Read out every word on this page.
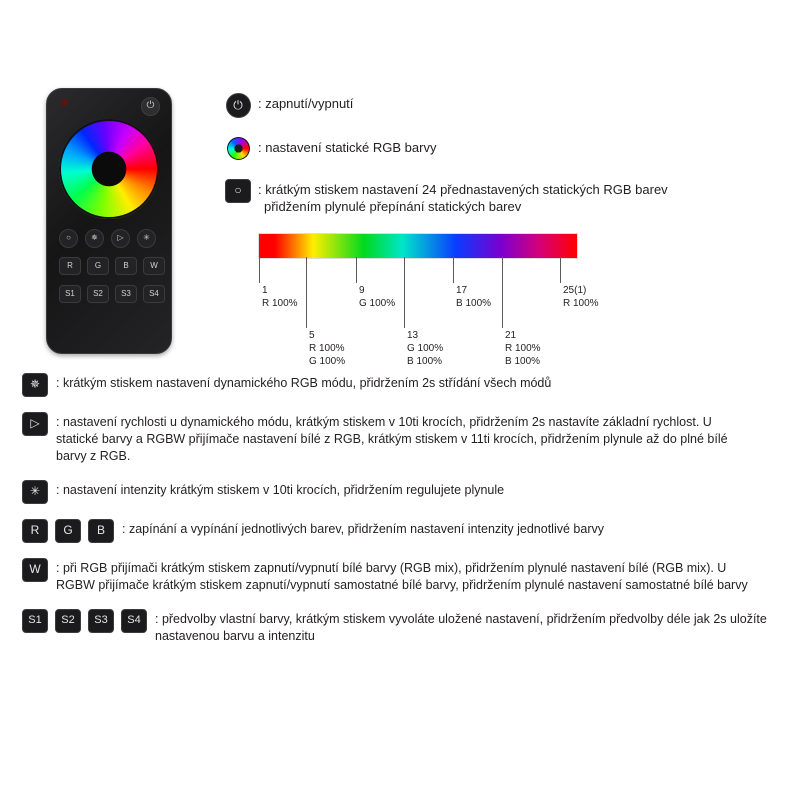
⏻
○	✵	▷	✳
R	G	B	W
S1	S2	S3	S4
⏻	: zapnutí/vypnutí
: nastavení statické RGB barvy
○	: krátkým stiskem nastavení 24 přednastavených statických RGB barev
přidžením plynulé přepínání statických barev
1
R 100%
5
R 100%
G 100%
9
G 100%
13
G 100%
B 100%
17
B 100%
21
R 100%
B 100%
25(1)
R 100%
✵	: krátkým stiskem nastavení dynamického RGB módu, přidržením 2s střídání všech módů
▷	: nastavení rychlosti u dynamického módu, krátkým stiskem v 10ti krocích, přidržením 2s nastavíte základní rychlost. U statické barvy a RGBW přijímače nastavení bílé z RGB, krátkým stiskem v 11ti krocích, přidržením plynule až do plné bílé barvy z RGB.
✳	: nastavení intenzity krátkým stiskem v 10ti krocích, přidržením regulujete plynule
R	G	B	: zapínání a vypínání jednotlivých barev, přidržením nastavení intenzity jednotlivé barvy
W	: při RGB přijímači krátkým stiskem zapnutí/vypnutí bílé barvy (RGB mix), přidržením plynulé nastavení bílé (RGB mix). U RGBW přijímače krátkým stiskem zapnutí/vypnutí samostatné bílé barvy, přidržením plynulé nastavení samostatné bílé barvy
S1	S2	S3	S4	: předvolby vlastní barvy, krátkým stiskem vyvoláte uložené nastavení, přidržením předvolby déle jak 2s uložíte nastavenou barvu a intenzitu
